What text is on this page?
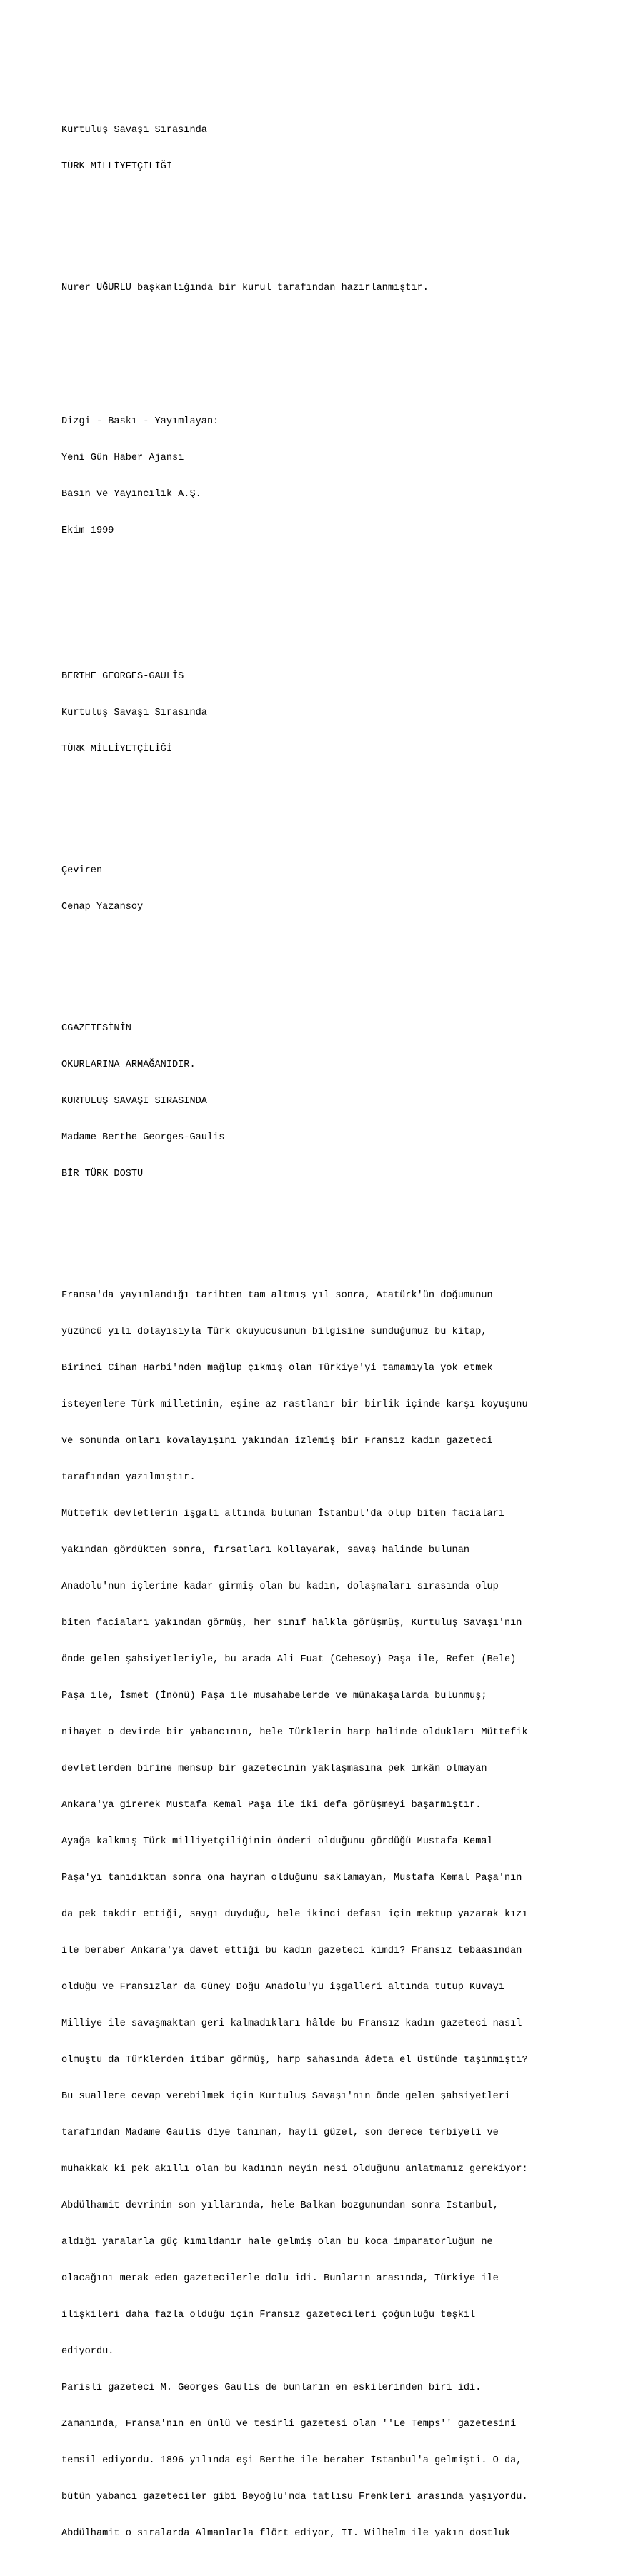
Kurtuluş Savaşı Sırasında

TÜRK MİLLİYETÇİLİĞİ

Nurer UĞURLU başkanlığında bir kurul tarafından hazırlanmıştır.

Dizgi - Baskı - Yayımlayan:

Yeni Gün Haber Ajansı

Basın ve Yayıncılık A.Ş.

Ekim 1999

BERTHE GEORGES-GAULİS

Kurtuluş Savaşı Sırasında

TÜRK MİLLİYETÇİLİĞİ

Çeviren

Cenap Yazansoy

CGAZETESİNİN

OKURLARINA ARMAĞANIDIR.

KURTULUŞ SAVAŞI SIRASINDA

Madame Berthe Georges-Gaulis

BİR TÜRK DOSTU

Fransa'da yayımlandığı tarihten tam altmış yıl sonra, Atatürk'ün doğumunun

yüzüncü yılı dolayısıyla Türk okuyucusunun bilgisine sunduğumuz bu kitap,

Birinci Cihan Harbi'nden mağlup çıkmış olan Türkiye'yi tamamıyla yok etmek

isteyenlere Türk milletinin, eşine az rastlanır bir birlik içinde karşı koyuşunu

ve sonunda onları kovalayışını yakından izlemiş bir Fransız kadın gazeteci

tarafından yazılmıştır.

Müttefik devletlerin işgali altında bulunan İstanbul'da olup biten faciaları

yakından gördükten sonra, fırsatları kollayarak, savaş halinde bulunan

Anadolu'nun içlerine kadar girmiş olan bu kadın, dolaşmaları sırasında olup

biten faciaları yakından görmüş, her sınıf halkla görüşmüş, Kurtuluş Savaşı'nın

önde gelen şahsiyetleriyle, bu arada Ali Fuat (Cebesoy) Paşa ile, Refet (Bele)

Paşa ile, İsmet (İnönü) Paşa ile musahabelerde ve münakaşalarda bulunmuş;

nihayet o devirde bir yabancının, hele Türklerin harp halinde oldukları Müttefik

devletlerden birine mensup bir gazetecinin yaklaşmasına pek imkân olmayan

Ankara'ya girerek Mustafa Kemal Paşa ile iki defa görüşmeyi başarmıştır.

Ayağa kalkmış Türk milliyetçiliğinin önderi olduğunu gördüğü Mustafa Kemal

Paşa'yı tanıdıktan sonra ona hayran olduğunu saklamayan, Mustafa Kemal Paşa'nın

da pek takdir ettiği, saygı duyduğu, hele ikinci defası için mektup yazarak kızı

ile beraber Ankara'ya davet ettiği bu kadın gazeteci kimdi? Fransız tebaasından

olduğu ve Fransızlar da Güney Doğu Anadolu'yu işgalleri altında tutup Kuvayı

Milliye ile savaşmaktan geri kalmadıkları hâlde bu Fransız kadın gazeteci nasıl

olmuştu da Türklerden itibar görmüş, harp sahasında âdeta el üstünde taşınmıştı?

Bu suallere cevap verebilmek için Kurtuluş Savaşı'nın önde gelen şahsiyetleri

tarafından Madame Gaulis diye tanınan, hayli güzel, son derece terbiyeli ve

muhakkak ki pek akıllı olan bu kadının neyin nesi olduğunu anlatmamız gerekiyor:

Abdülhamit devrinin son yıllarında, hele Balkan bozgunundan sonra İstanbul,

aldığı yaralarla güç kımıldanır hale gelmiş olan bu koca imparatorluğun ne

olacağını merak eden gazetecilerle dolu idi. Bunların arasında, Türkiye ile

ilişkileri daha fazla olduğu için Fransız gazetecileri çoğunluğu teşkil

ediyordu.

Parisli gazeteci M. Georges Gaulis de bunların en eskilerinden biri idi.

Zamanında, Fransa'nın en ünlü ve tesirli gazetesi olan ''Le Temps'' gazetesini

temsil ediyordu. 1896 yılında eşi Berthe ile beraber İstanbul'a gelmişti. O da,

bütün yabancı gazeteciler gibi Beyoğlu'nda tatlısu Frenkleri arasında yaşıyordu.

Abdülhamit o sıralarda Almanlarla flört ediyor, II. Wilhelm ile yakın dostluk
